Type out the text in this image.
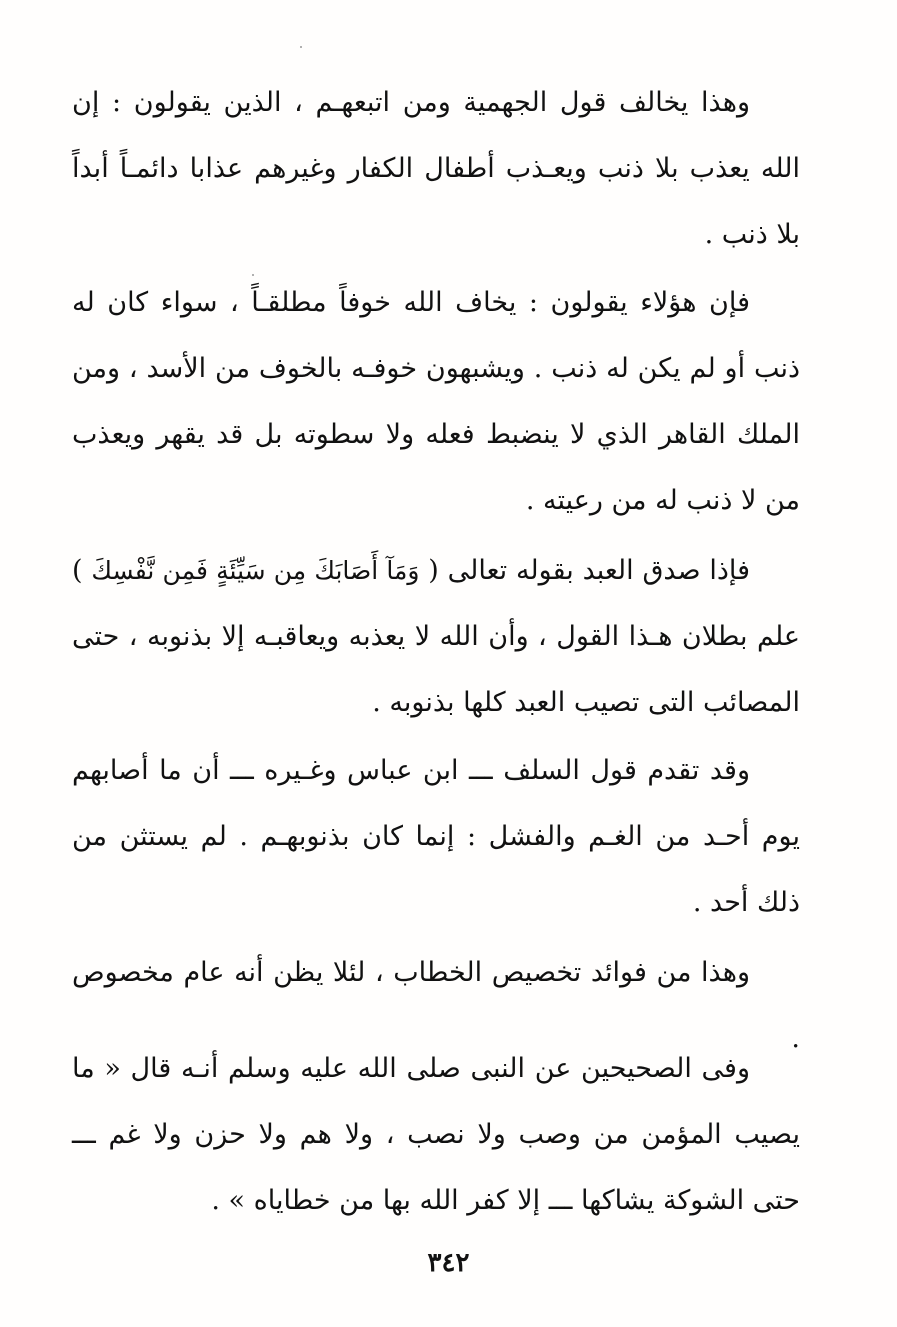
وهذا يخالف قول الجهمية ومن اتبعهـم ، الذين يقولون : إن الله يعذب بلا ذنب ويعـذب أطفال الكفار وغيرهم عذابا دائمـاً أبداً بلا ذنب .

فإن هؤلاء يقولون : يخاف الله خوفاً مطلقـاً ، سواء كان له ذنب أو لم يكن له ذنب . ويشبهون خوفـه بالخوف من الأسد ، ومن الملك القاهر الذي لا ينضبط فعله ولا سطوته بل قد يقهر ويعذب من لا ذنب له من رعيته .

فإذا صدق العبد بقوله تعالى ( وَمَآ أَصَابَكَ مِن سَيِّئَةٍ فَمِن نَّفْسِكَ ) علم بطلان هـذا القول ، وأن الله لا يعذبه ويعاقبـه إلا بذنوبه ، حتى المصائب التى تصيب العبد كلها بذنوبه .

وقد تقدم قول السلف ـــ ابن عباس وغـيره ـــ أن ما أصابهم يوم أحـد من الغـم والفشل : إنما كان بذنوبهـم . لم يستثن من ذلك أحد .

وهذا من فوائد تخصيص الخطاب ، لئلا يظن أنه عام مخصوص .

وفى الصحيحين عن النبى صلى الله عليه وسلم أنـه قال « ما يصيب المؤمن من وصب ولا نصب ، ولا هم ولا حزن ولا غم ـــ حتى الشوكة يشاكها ـــ إلا كفر الله بها من خطاياه » .

٣٤٢
